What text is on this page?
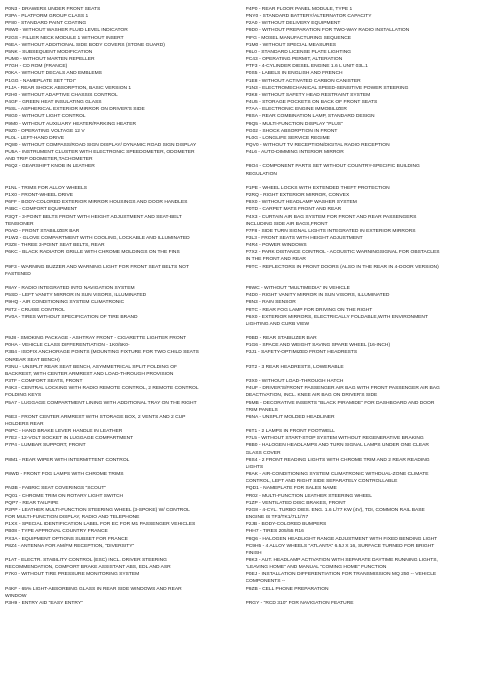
P0N3 - DRAWERS UNDER FRONT SEATS
P3PA - PLATFORM GROUP CLASS 1
PF80 - STANDARD PAINT COATING
P8W0 - WITHOUT WASHER FLUID LEVEL INDICATOR
P2GS - FILLER NECK MODULE 1 WITHOUT INSERT
P6EA - WITHOUT ADDITIONAL SIDE BODY COVERS (STONE GUARD)
P5NK - SUBSEQUENT MODIFICATION
PUM0 - WITHOUT MARTEN REPELLER
P7GH - CD ROM (FRANCE)
P0KA - WITHOUT DECALS AND EMBLEMS
P1GG - NAMEPLATE SET "TDI"
P1JA - REAR SHOCK ABSORPTION, BASIC VERSION 1
P2H0 - WITHOUT ADAPTIVE CHASSIS CONTROL
P4GF - GREEN HEAT INSULATING GLASS
P5SL - ASPHERICAL EXTERIOR MIRROR ON DRIVER'S SIDE
P8G0 - WITHOUT LIGHT CONTROL
P9M0 - WITHOUT AUXILIARY HEATER/PARKING HEATER
P9Z0 - OPERATING VOLTAGE 12 V
PL0L - LEFT-HAND DRIVE
PQ80 - WITHOUT COMPASS/ROAD SIGN DISPLAY/ DYNAMIC ROAD SIGN DISPLAY
PU5A - INSTRUMENT CLUSTER WITH ELECTRONIC SPEEDOMETER, ODOMETER
AND TRIP ODOMETER,TACHOMETER
P6Q2 - GEARSHIFT KNOB IN LEATHER
P4P0 - REAR FLOOR PANEL MODULE, TYPE 1
PNY0 - STANDARD BATTERY/ALTERNATOR CAPACITY
P2A0 - WITHOUT DELIVERY EQUIPMENT
P9D0 - WITHOUT PREPARATION FOR TWO-WAY RADIO INSTALLATION
PIFG - MOSEL MANUFACTURING SEQUENCE
P1M0 - WITHOUT SPECIAL MEASURES
P6L0 - STANDARD LICENSE PLATE LIGHTING
PC43 - OPERATING PERMIT, ALTERATION
PTF3 - 4-CYLINDER DIESEL ENGINE 1.6 L UNIT 03L.1
P0S5 - LABELS IN ENGLISH AND FRENCH
P1E8 - WITHOUT ACTIVATED CARBON CANISTER
P1N3 - ELECTROMECHANICAL SPEED-SENSITIVE POWER STEERING
P3K8 - WITHOUT SAFETY HEAD RESTRAINT SYSTEM
P4U5 - STORAGE POCKETS ON BACK OF FRONT SEATS
P7AA - ELECTRONIC ENGINE IMMOBILIZER
P8SA - REAR COMBINATION LAMP, STANDARD DESIGN
P9Q5 - MULTI-FUNCTION DISPLAY "PLUS"
PG02 - SHOCK ABSORPTION IN FRONT
PL0G - LONGLIFE SERVICE REGIME
PQV0 - WITHOUT TV RECEPTION/DIGITAL RADIO RECEPTION
P4L6 - AUTO-DIMMING INTERIOR MIRROR

P8O4 - COMPONENT PARTS SET WITHOUT COUNTRY-SPECIFIC BUILDING
REGULATION
P1NL - TRIMS FOR ALLOY WHEELS
P1X0 - FRONT-WHEEL DRIVE
P6FF - BODY-COLORED EXTERIOR MIRROR HOUSINGS AND DOOR HANDLES
P4BC - COMFORT EQUIPMENT
P3QT - 3-POINT BELTS FRONT WITH HEIGHT ADJUSTMENT AND SEAT-BELT
TENSIONER
P0AD - FRONT STABILIZER BAR
P1W2 - GLOVE COMPARTMENT WITH COOLING, LOCKABLE AND ILLUMINATED
P3Z8 - THREE 3-POINT SEAT BELTS, REAR
P6KC - BLACK RADIATOR GRILLE WITH CHROME MOLDINGS ON THE FINS

P9F3 - WARNING BUZZER AND WARNING LIGHT FOR FRONT SEAT BELTS NOT
FASTENED
P1PE - WHEEL LOCKS WITH EXTENDED THEFT PROTECTION
P2RQ - RIGHT EXTERIOR MIRROR, CONVEX
P8X0 - WITHOUT HEADLAMP WASHER SYSTEM
P0TD - CARPET MATS FRONT AND REAR
P4X3 - CURTAIN AIR BAG SYSTEM FOR FRONT AND REAR PASSENGERS
INCLUDING SIDE AIR BAGS,FRONT
P7F8 - SIDE TURN SIGNAL LIGHTS INTEGRATED IN EXTERIOR MIRRORS
P3L3 - FRONT SEATS WITH HEIGHT ADJUSTMENT
P4R4 - POWER WINDOWS
P7X2 - PARK DISTANCE CONTROL - ACOUSTIC WARNINGSIGNAL FOR OBSTACLES
IN THE FRONT AND REAR
P9TC - REFLECTORS IN FRONT DOORS (ALSO IN THE REAR IN 4-DOOR VERSION)
P8AY - RADIO INTEGRATED INTO NAVIGATION SYSTEM
P5SD - LEFT VANITY MIRROR IN SUN VISORS, ILLUMINATED
P9HQ - AIR CONDITIONING SYSTEM CLIMATRONIC
P8T2 - CRUISE CONTROL
PV0A - TIRES WITHOUT SPECIFICATION OF TIRE BRAND
P9WC - WITHOUT "MULTIMEDIA" IN VEHICLE
P4D0 - RIGHT VANITY MIRROR IN SUN VISORS, ILLUMINATED
P8N3 - RAIN SENSOR
P8TC - REAR FOG LAMP FOR DRIVING ON THE RIGHT
P6X0 - EXTERIOR MIRRORS, ELECTRICALLY FOLDABLE,WITH ENVIRONMENT
LIGHTING AND CURB VIEW
P9J8 - SMOKING PACKAGE - ASHTRAY FRONT - CIGARETTE LIGHTER FRONT
P0HA - VEHICLE CLASS DIFFERENTIATION - 1K0/5K0-
P3B4 - ISOFIX ANCHORAGE POINTS (MOUNTING FIXTURE FOR TWO CHILD SEATS
ONREAR SEAT BENCH)
P3NU - UNSPLIT REAR SEAT BENCH, ASYMMETRICAL SPLIT FOLDING OF
BACKREST, WITH CENTER ARMREST AND LOAD-THROUGH PROVISION
P3TF - COMFORT SEATS, FRONT
P4K3 - CENTRAL LOCKING WITH RADIO REMOTE CONTROL, 2 REMOTE CONTROL
FOLDING KEYS
P5A7 - LUGGAGE COMPARTMENT LINING WITH ADDITIONAL TRAY ON THE RIGHT

P6E3 - FRONT CENTER ARMREST WITH STORAGE BOX, 2 VENTS AND 2 CUP
HOLDERS REAR
P6PC - HAND BRAKE LEVER HANDLE IN LEATHER
P7E2 - 12-VOLT SOCKET IN LUGGAGE COMPARTMENT
P7P4 - LUMBAR SUPPORT, FRONT

P8M1 - REAR WIPER WITH INTERMITTENT CONTROL

P8WD - FRONT FOG LAMPS WITH CHROME TRIMS

PN3B - FABRIC SEAT COVERINGS "SCOUT"
PQ01 - CHROME TRIM ON ROTARY LIGHT SWITCH
PQP7 - REAR TAILPIPE
P2PP - LEATHER MULTI-FUNCTION STEERING WHEEL (3-SPOKE) W/ CONTROL
FOR MULTI-FUNCTION DISPLAY, RADIO AND TELEPHONE
P1XX - SPECIAL IDENTIFICATION LABEL FOR EC FOR M1 PASSENGER VEHICLES
PB08 - TYPE APPROVAL COUNTRY FRANCE
PX3A - EQUIPMENT OPTIONS SUBSET FOR FRANCE
P8Z4 - ANTENNA FOR AM/FM RECEPTION, "DIVERSITY"

P1AT - ELECTR. STABILITY CONTROL (ESC) INCL. DRIVER STEERING
RECOMMENDATION, COMFORT BRAKE ASSISTANT ABS, EDL AND ASR
P7K0 - WITHOUT TIRE PRESSURE MONITORING SYSTEM

P4KF - 65% LIGHT-ABSORBING GLASS IN REAR SIDE WINDOWS AND REAR
WINDOW
P3H9 - ENTRY AID "EASY ENTRY"
P0BD - REAR STABILIZER BAR
P1G6 - SPACE AND WEIGHT SAVING SPARE WHEEL (16-INCH)
P3J1 - SAFETY-OPTIMIZED FRONT HEADRESTS

P3T2 - 3 REAR HEADRESTS, LOWERABLE

P3X0 - WITHOUT LOAD-THROUGH HATCH
P4UF - DRIVER'S/FRONT PASSENGER AIR BAG WITH FRONT PASSENGER AIR BAG
DEACTIVATION, INCL. KNEE AIR BAG ON DRIVER'S SIDE
P5MB - DECORATIVE INSERTS "BLACK PIRAMIDE" FOR DASHBOARD AND DOOR
TRIM PANELS
P6NA - UNSPLIT MOLDED HEADLINER

P6T1 - 2 LAMPS IN FRONT FOOTWELL
P7L5 - WITHOUT START-STOP SYSTEM WITHOUT REGENERATIVE BRAKING
P8B0 - HALOGEN HEADLAMPS AND TURN SIGNAL LAMPS UNDER ONE CLEAR
GLASS COVER
P8S4 - 2 FRONT READING LIGHTS WITH CHROME TRIM AND 2 REAR READING
LIGHTS
P8AK - AIR-CONDITIONING SYSTEM CLIMATRONIC WITHDUAL-ZONE CLIMATE
CONTROL, LEFT AND RIGHT SIDE SEPARATELY CONTROLLABLE
PQD1 - NAMEPLATE FOR SALES NAME
PR02 - MULTI-FUNCTION LEATHER STEERING WHEEL
P1ZP - VENTILATED DISC BRAKES, FRONT
P2G8 - 4-CYL. TURBO DIES. ENG. 1.6 L/77 KW (4V), TDI, COMMON RAIL BASE
ENGINE IS TF3/TK1/7L1/7I7
P2JB - BODY-COLORED BUMPERS
PHH7 - TIRES 205/55 R16
P8Q6 - HALOGEN HEADLIGHT RANGE ADJUSTMENT WITH FIXED BENDING LIGHT
PC9H5 - 4 ALLOY WHEELS "ATLANTA" 6.5J X 16, SURFACE TURNED FOR BRIGHT
FINISH
P8K3 - AUT. HEADLAMP ACTIVATION WITH SEPARATE DAYTIME RUNNING LIGHTS,
"LEAVING HOME" AND MANUAL "COMING HOME" FUNCTION
P0EJ - INSTALLATION DIFFERENTIATION FOR TRANSMISSION MQ 250 -- VEHICLE
COMPONENTS --
P9ZB - CELL PHONE PREPARATION

PRGY - "RCD 310" FOR NAVIGATION FEATURE
